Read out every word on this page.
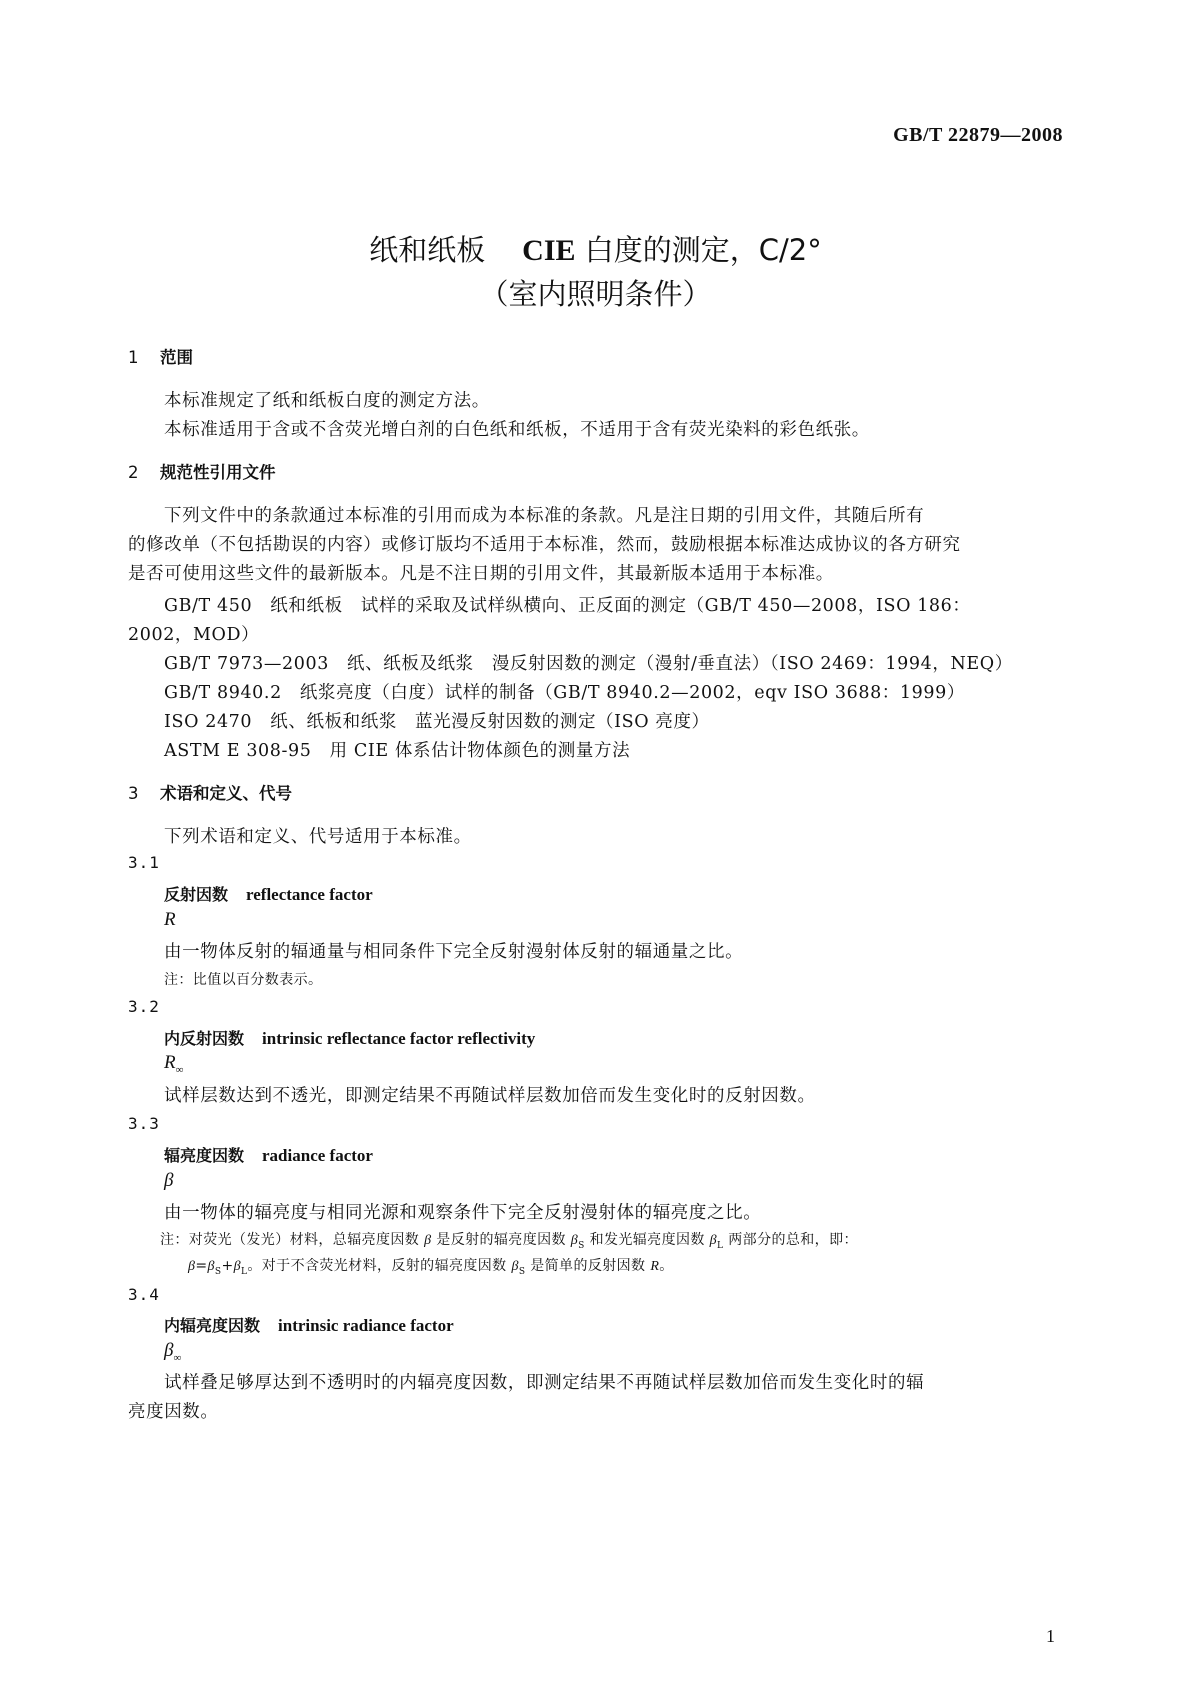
GB/T 22879—2008
纸和纸板 CIE 白度的测定，C/2°
（室内照明条件）
1 范围
本标准规定了纸和纸板白度的测定方法。
本标准适用于含或不含荧光增白剂的白色纸和纸板，不适用于含有荧光染料的彩色纸张。
2 规范性引用文件
下列文件中的条款通过本标准的引用而成为本标准的条款。凡是注日期的引用文件，其随后所有
的修改单（不包括勘误的内容）或修订版均不适用于本标准，然而，鼓励根据本标准达成协议的各方研究
是否可使用这些文件的最新版本。凡是不注日期的引用文件，其最新版本适用于本标准。
GB/T 450　纸和纸板　试样的采取及试样纵横向、正反面的测定（GB/T 450—2008，ISO 186：
2002，MOD）
GB/T 7973—2003　纸、纸板及纸浆　漫反射因数的测定（漫射/垂直法）（ISO 2469：1994，NEQ）
GB/T 8940.2　纸浆亮度（白度）试样的制备（GB/T 8940.2—2002，eqv ISO 3688：1999）
ISO 2470　纸、纸板和纸浆　蓝光漫反射因数的测定（ISO 亮度）
ASTM E 308-95　用 CIE 体系估计物体颜色的测量方法
3 术语和定义、代号
下列术语和定义、代号适用于本标准。
3.1
反射因数 reflectance factor
R
由一物体反射的辐通量与相同条件下完全反射漫射体反射的辐通量之比。
注：比值以百分数表示。
3.2
内反射因数 intrinsic reflectance factor reflectivity
$R_\infty$
试样层数达到不透光，即测定结果不再随试样层数加倍而发生变化时的反射因数。
3.3
辐亮度因数 radiance factor
β
由一物体的辐亮度与相同光源和观察条件下完全反射漫射体的辐亮度之比。
注：对荧光（发光）材料，总辐亮度因数 β 是反射的辐亮度因数 $\beta_S$ 和发光辐亮度因数 $\beta_L$ 两部分的总和，即：
$\beta=\beta_S+\beta_L$。对于不含荧光材料，反射的辐亮度因数 $\beta_S$ 是简单的反射因数 R。
3.4
内辐亮度因数 intrinsic radiance factor
$\beta_\infty$
试样叠足够厚达到不透明时的内辐亮度因数，即测定结果不再随试样层数加倍而发生变化时的辐
亮度因数。
1
